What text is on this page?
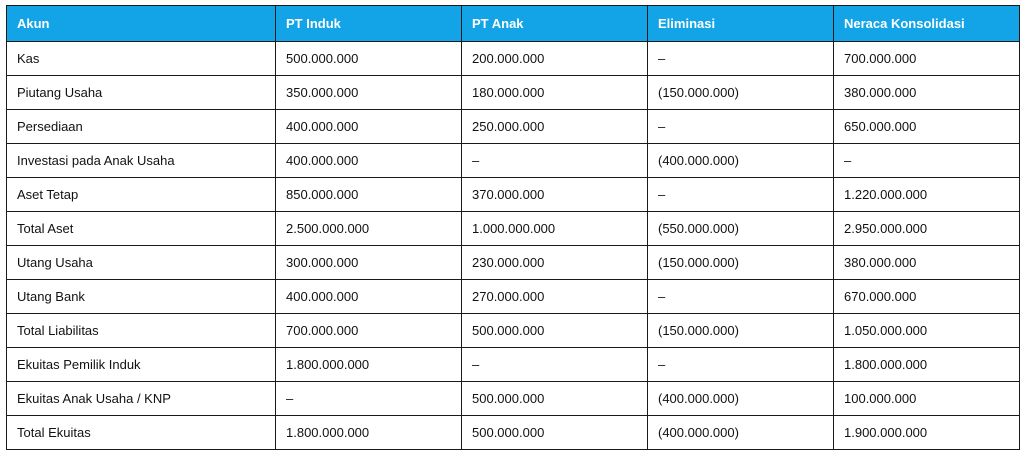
Akun	PT Induk	PT Anak	Eliminasi	Neraca Konsolidasi
Kas	500.000.000	200.000.000	–	700.000.000
Piutang Usaha	350.000.000	180.000.000	(150.000.000)	380.000.000
Persediaan	400.000.000	250.000.000	–	650.000.000
Investasi pada Anak Usaha	400.000.000	–	(400.000.000)	–
Aset Tetap	850.000.000	370.000.000	–	1.220.000.000
Total Aset	2.500.000.000	1.000.000.000	(550.000.000)	2.950.000.000
Utang Usaha	300.000.000	230.000.000	(150.000.000)	380.000.000
Utang Bank	400.000.000	270.000.000	–	670.000.000
Total Liabilitas	700.000.000	500.000.000	(150.000.000)	1.050.000.000
Ekuitas Pemilik Induk	1.800.000.000	–	–	1.800.000.000
Ekuitas Anak Usaha / KNP	–	500.000.000	(400.000.000)	100.000.000
Total Ekuitas	1.800.000.000	500.000.000	(400.000.000)	1.900.000.000
